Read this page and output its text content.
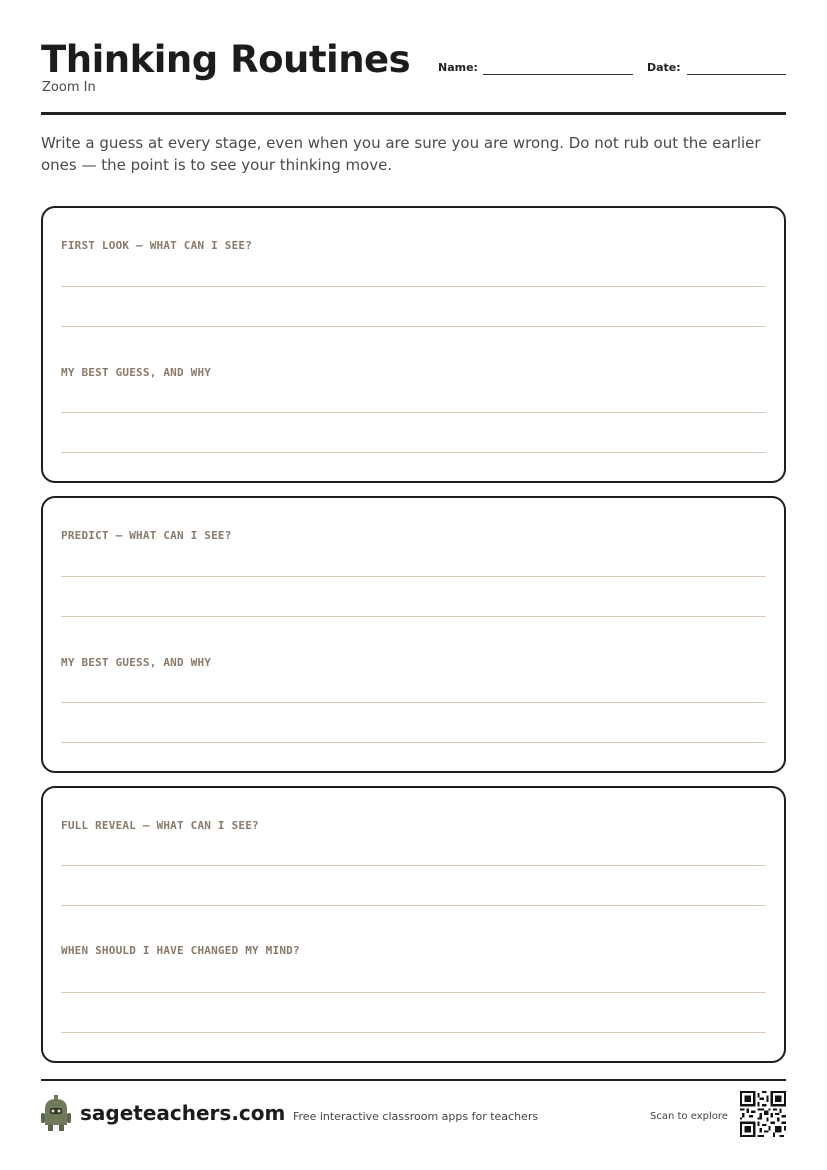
Thinking Routines
Zoom In
Name:	Date:

Write a guess at every stage, even when you are sure you are wrong. Do not rub out the earlier ones — the point is to see your thinking move.

FIRST LOOK — WHAT CAN I SEE?
MY BEST GUESS, AND WHY
PREDICT — WHAT CAN I SEE?
MY BEST GUESS, AND WHY
FULL REVEAL — WHAT CAN I SEE?
WHEN SHOULD I HAVE CHANGED MY MIND?
sageteachers.com Free interactive classroom apps for teachers	Scan to explore
